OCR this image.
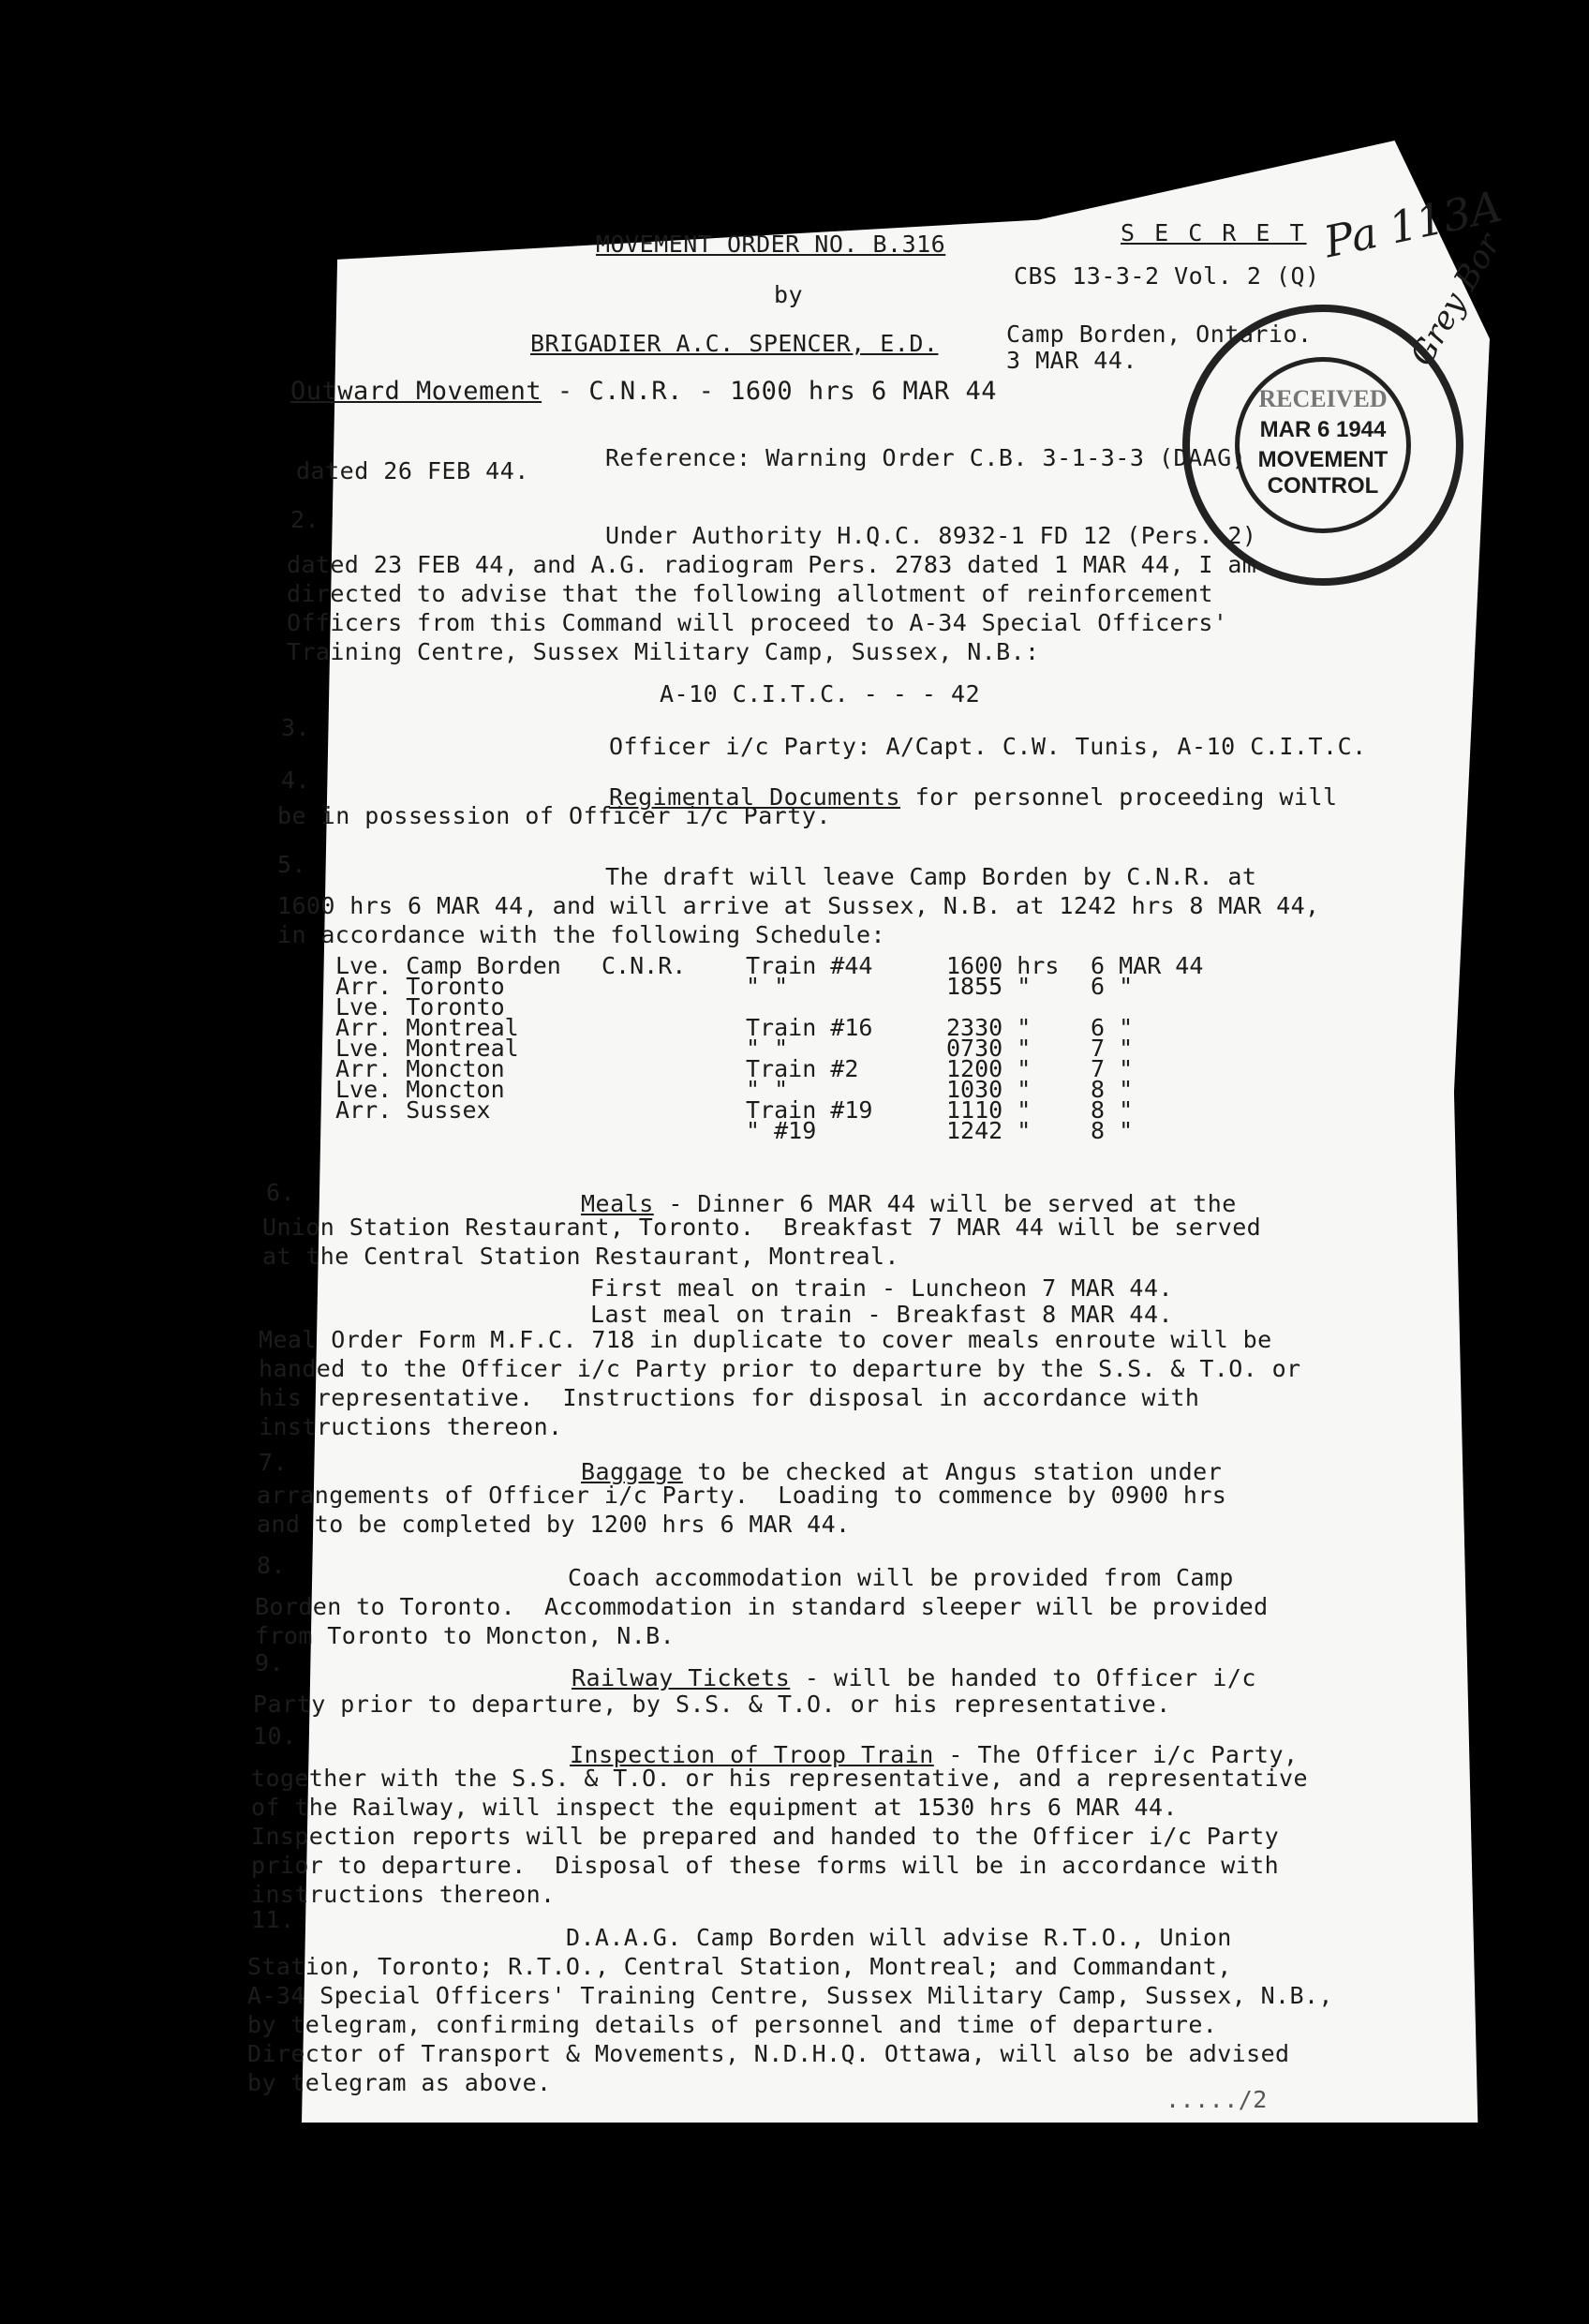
MOVEMENT ORDER NO. B.316
by
BRIGADIER A.C. SPENCER, E.D.
S E C R E T
CBS 13-3-2 Vol. 2 (Q)
Camp Borden, Ontario.
3 MAR 44.
Pa 113A
Grey Bor
RECEIVED
MAR 6 1944
MOVEMENT
CONTROL
Outward Movement - C.N.R. - 1600 hrs 6 MAR 44
Reference: Warning Order C.B. 3-1-3-3 (DAAG)
dated 26 FEB 44.
2.
Under Authority H.Q.C. 8932-1 FD 12 (Pers. 2)
dated 23 FEB 44, and A.G. radiogram Pers. 2783 dated 1 MAR 44, I am
directed to advise that the following allotment of reinforcement
Officers from this Command will proceed to A-34 Special Officers'
Training Centre, Sussex Military Camp, Sussex, N.B.:
A-10 C.I.T.C. - - - 42
3.
Officer i/c Party: A/Capt. C.W. Tunis, A-10 C.I.T.C.
4.
Regimental Documents for personnel proceeding will
be in possession of Officer i/c Party.
5.	The draft will leave Camp Borden by C.N.R. at
1600 hrs 6 MAR 44, and will arrive at Sussex, N.B. at 1242 hrs 8 MAR 44,
in accordance with the following Schedule:
Lve. Camp Borden	C.N.R.	Train #44	1600 hrs	6 MAR 44
Arr. Toronto		" "	1855 "	6 "
Lve. Toronto				
Arr. Montreal		Train #16	2330 "	6 "
Lve. Montreal		" "	0730 "	7 "
Arr. Moncton		Train #2	1200 "	7 "
Lve. Moncton		" "	1030 "	8 "
Arr. Sussex		Train #19	1110 "	8 "
		" #19	1242 "	8 "
6.	Meals - Dinner 6 MAR 44 will be served at the
Union Station Restaurant, Toronto.  Breakfast 7 MAR 44 will be served
at the Central Station Restaurant, Montreal.
First meal on train - Luncheon 7 MAR 44.
Last meal on train - Breakfast 8 MAR 44.
Meal Order Form M.F.C. 718 in duplicate to cover meals enroute will be
handed to the Officer i/c Party prior to departure by the S.S. & T.O. or
his representative.  Instructions for disposal in accordance with
instructions thereon.
7.	Baggage to be checked at Angus station under
arrangements of Officer i/c Party.  Loading to commence by 0900 hrs
and to be completed by 1200 hrs 6 MAR 44.
8.	Coach accommodation will be provided from Camp
Borden to Toronto.  Accommodation in standard sleeper will be provided
from Toronto to Moncton, N.B.
9.
Railway Tickets - will be handed to Officer i/c
Party prior to departure, by S.S. & T.O. or his representative.
10.
Inspection of Troop Train - The Officer i/c Party,
together with the S.S. & T.O. or his representative, and a representative
of the Railway, will inspect the equipment at 1530 hrs 6 MAR 44.
Inspection reports will be prepared and handed to the Officer i/c Party
prior to departure.  Disposal of these forms will be in accordance with
instructions thereon.
11.
D.A.A.G. Camp Borden will advise R.T.O., Union
Station, Toronto; R.T.O., Central Station, Montreal; and Commandant,
A-34 Special Officers' Training Centre, Sussex Military Camp, Sussex, N.B.,
by telegram, confirming details of personnel and time of departure.
Director of Transport & Movements, N.D.H.Q. Ottawa, will also be advised
by telegram as above.
...../2
